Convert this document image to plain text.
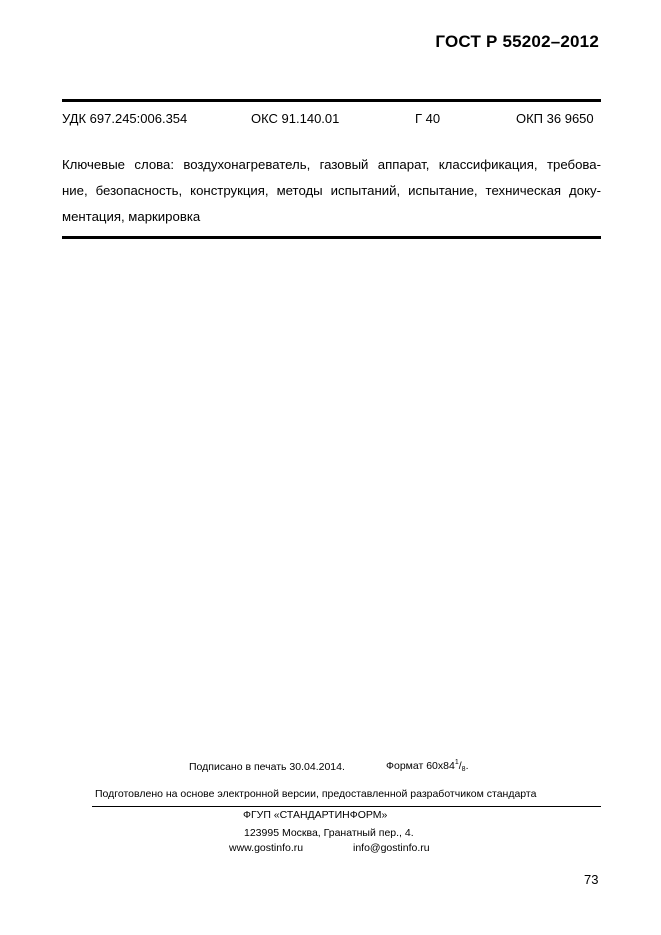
ГОСТ Р 55202–2012
УДК 697.245:006.354	ОКС 91.140.01	Г 40	ОКП 36 9650
Ключевые слова: воздухонагреватель, газовый аппарат, классификация, требова-
ние, безопасность, конструкция, методы испытаний, испытание, техническая доку-
ментация, маркировка
Подписано в печать 30.04.2014.	Формат $60x84^1/_8$.
Подготовлено на основе электронной версии, предоставленной разработчиком стандарта
ФГУП «СТАНДАРТИНФОРМ»
123995 Москва, Гранатный пер., 4.
www.gostinfo.ru	info@gostinfo.ru
73
